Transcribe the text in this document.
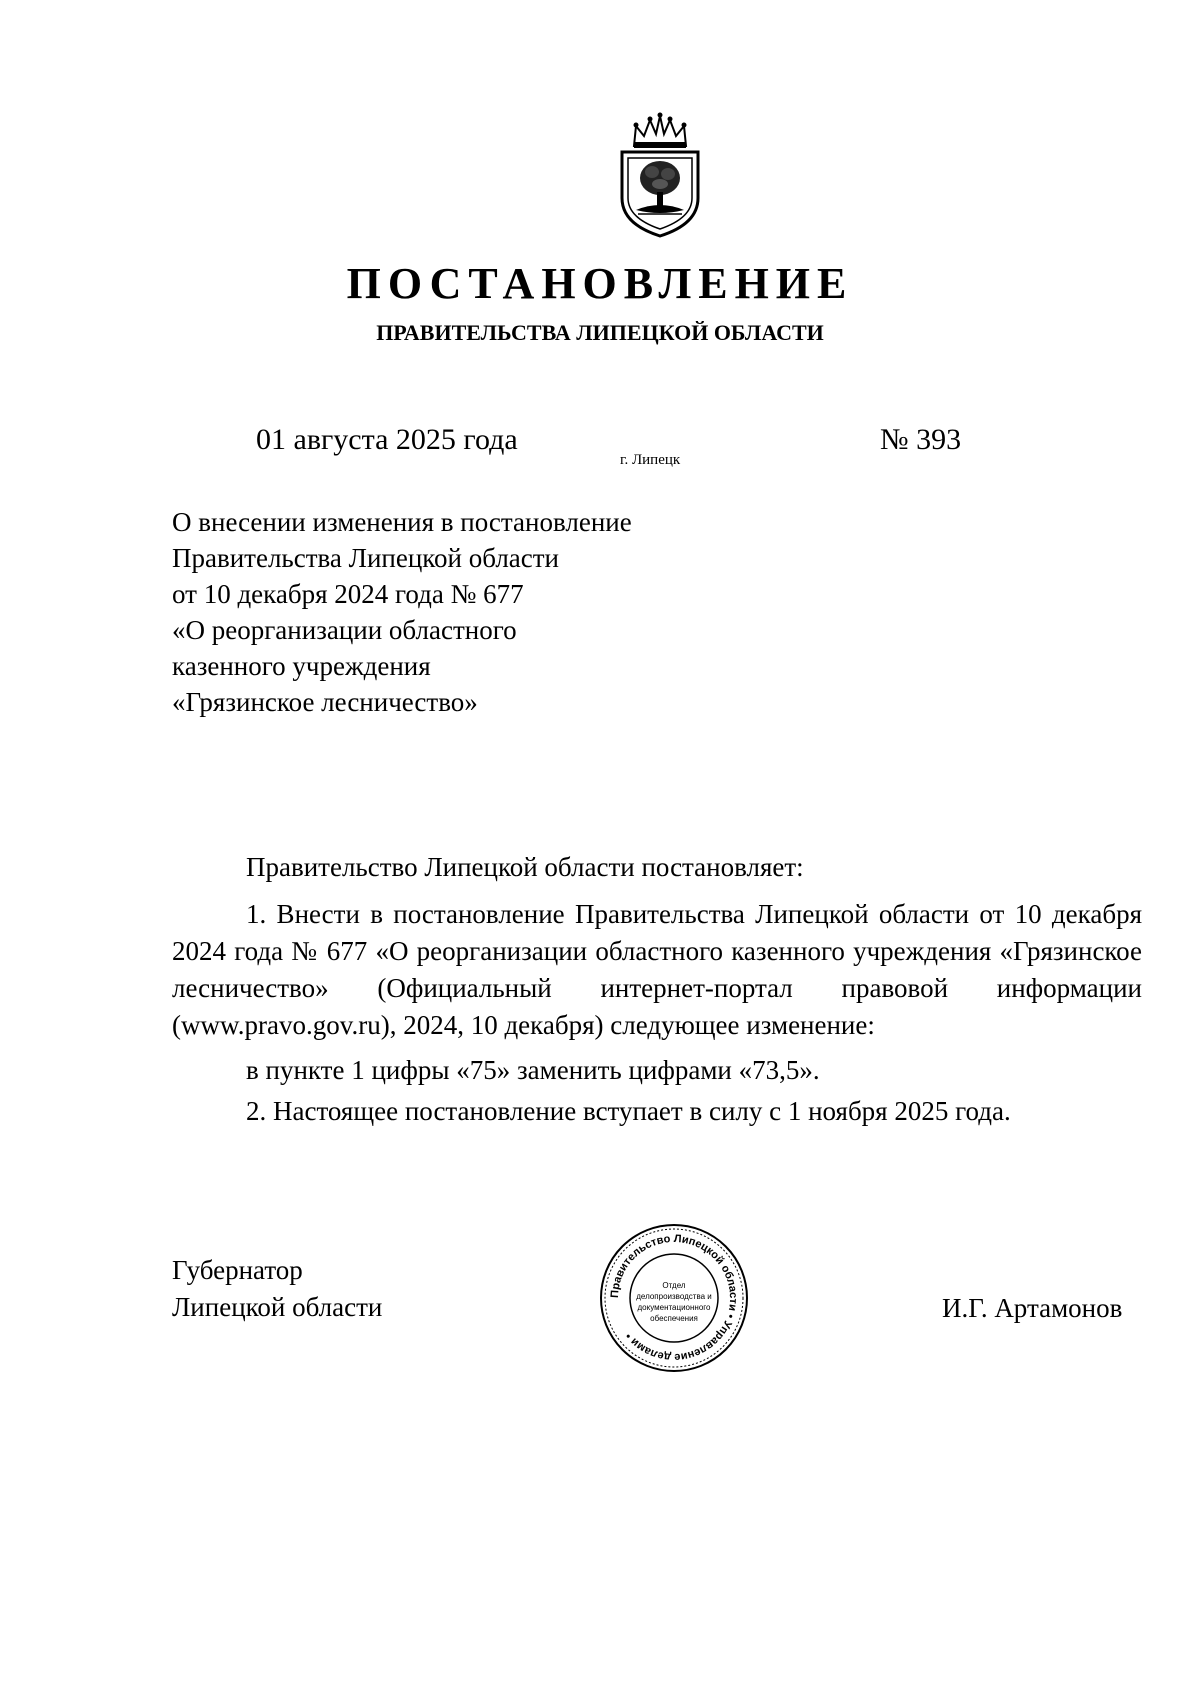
ПОСТАНОВЛЕНИЕ
ПРАВИТЕЛЬСТВА ЛИПЕЦКОЙ ОБЛАСТИ
01 августа 2025 года
г. Липецк
№ 393
О внесении изменения в постановление
Правительства Липецкой области
от 10 декабря 2024 года № 677
«О реорганизации областного
казенного учреждения
«Грязинское лесничество»

Правительство Липецкой области постановляет:

1. Внести в постановление Правительства Липецкой области от 10 декабря 2024 года № 677 «О реорганизации областного казенного учреждения «Грязинское лесничество» (Официальный интернет-портал правовой информации (www.pravo.gov.ru), 2024, 10 декабря) следующее изменение:

в пункте 1 цифры «75» заменить цифрами «73,5».

2. Настоящее постановление вступает в силу с 1 ноября 2025 года.

Губернатор
Липецкой области	Правительство Липецкой области • Управление делами •
Отдел
делопроизводства и
документационного
обеспечения	И.Г. Артамонов
